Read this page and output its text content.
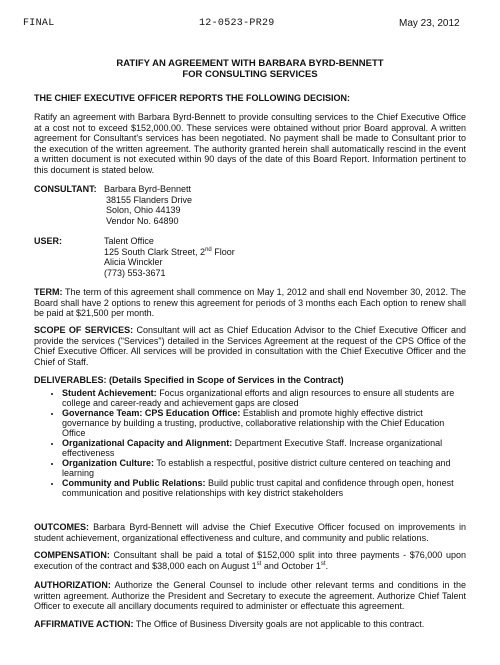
FINAL	12-0523-PR29	May 23, 2012
RATIFY AN AGREEMENT WITH BARBARA BYRD-BENNETT
FOR CONSULTING SERVICES
THE CHIEF EXECUTIVE OFFICER REPORTS THE FOLLOWING DECISION:
Ratify an agreement with Barbara Byrd-Bennett to provide consulting services to the Chief Executive Office at a cost not to exceed $152,000.00. These services were obtained without prior Board approval. A written agreement for Consultant's services has been negotiated. No payment shall be made to Consultant prior to the execution of the written agreement. The authority granted herein shall automatically rescind in the event a written document is not executed within 90 days of the date of this Board Report. Information pertinent to this document is stated below.
CONSULTANT: Barbara Byrd-Bennett
38155 Flanders Drive
Solon, Ohio 44139
Vendor No. 64890
USER:	Talent Office
125 South Clark Street, 2nd Floor
Alicia Winckler
(773) 553-3671
TERM: The term of this agreement shall commence on May 1, 2012 and shall end November 30, 2012. The Board shall have 2 options to renew this agreement for periods of 3 months each Each option to renew shall be paid at $21,500 per month.
SCOPE OF SERVICES: Consultant will act as Chief Education Advisor to the Chief Executive Officer and provide the services ("Services") detailed in the Services Agreement at the request of the CPS Office of the Chief Executive Officer. All services will be provided in consultation with the Chief Executive Officer and the Chief of Staff.
DELIVERABLES: (Details Specified in Scope of Services in the Contract)
• Student Achievement: Focus organizational efforts and align resources to ensure all students are college and career-ready and achievement gaps are closed
• Governance Team: CPS Education Office: Establish and promote highly effective district governance by building a trusting, productive, collaborative relationship with the Chief Education Office
• Organizational Capacity and Alignment: Department Executive Staff. Increase organizational effectiveness
• Organization Culture: To establish a respectful, positive district culture centered on teaching and learning
• Community and Public Relations: Build public trust capital and confidence through open, honest communication and positive relationships with key district stakeholders
OUTCOMES: Barbara Byrd-Bennett will advise the Chief Executive Officer focused on improvements in student achievement, organizational effectiveness and culture, and community and public relations.
COMPENSATION: Consultant shall be paid a total of $152,000 split into three payments - $76,000 upon execution of the contract and $38,000 each on August 1st and October 1st.
AUTHORIZATION: Authorize the General Counsel to include other relevant terms and conditions in the written agreement. Authorize the President and Secretary to execute the agreement. Authorize Chief Talent Officer to execute all ancillary documents required to administer or effectuate this agreement.
AFFIRMATIVE ACTION: The Office of Business Diversity goals are not applicable to this contract.
